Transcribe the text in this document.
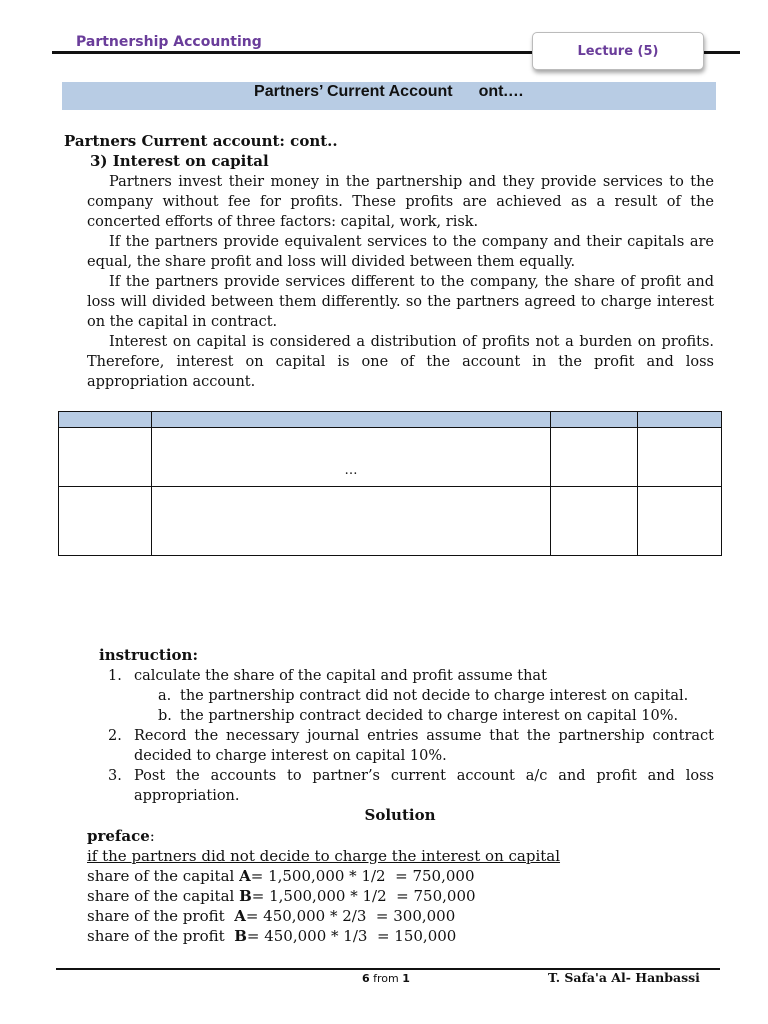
Partnership Accounting
Lecture (5)
Partners’ Current Account ont.…
Partners Current account: cont..
3) Interest on capital

Partners invest their money in the partnership and they provide services to the company without fee for profits. These profits are achieved as a result of the concerted efforts of three factors: capital, work, risk.

If the partners provide equivalent services to the company and their capitals are equal, the share profit and loss will divided between them equally.

If the partners provide services different to the company, the share of profit and loss will divided between them differently. so the partners agreed to charge interest on the capital in contract.

Interest on capital is considered a distribution of profits not a burden on profits. Therefore, interest on capital is one of the account in the profit and loss appropriation account.

	…		

instruction:
1. calculate the share of the capital and profit assume that
a. the partnership contract did not decide to charge interest on capital.
b. the partnership contract decided to charge interest on capital 10%.
2. Record the necessary journal entries assume that the partnership contract decided to charge interest on capital 10%.
3. Post the accounts to partner’s current account a/c and profit and loss appropriation.
Solution
preface:
if the partners did not decide to charge the interest on capital
share of the capital A= 1,500,000 * 1/2  = 750,000
share of the capital B= 1,500,000 * 1/2  = 750,000
share of the profit  A= 450,000 * 2/3  = 300,000
share of the profit  B= 450,000 * 1/3  = 150,000
6 from 1	T. Safa'a Al- Hanbassi
